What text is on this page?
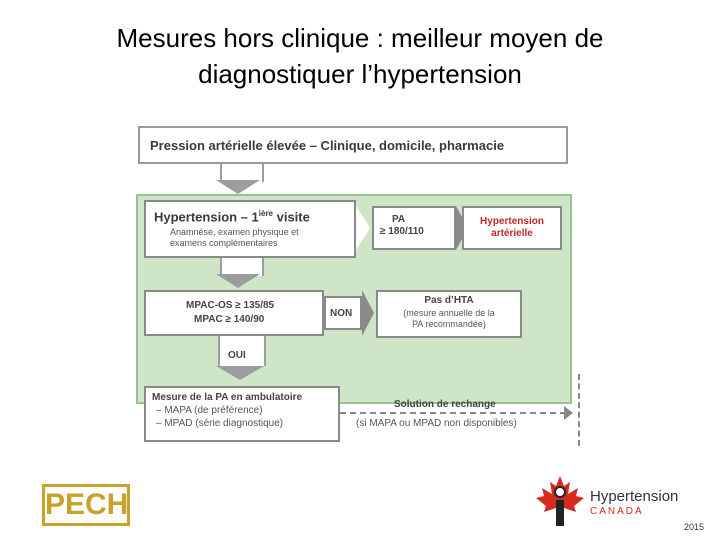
Mesures hors clinique : meilleur moyen de
diagnostiquer l’hypertension
Pression artérielle élevée – Clinique, domicile, pharmacie
Hypertension – $1^{ière}$ visite
Anamnèse, examen physique et examens complémentaires
PA
≥ 180/110
Hypertension artérielle
MPAC-OS ≥ 135/85
MPAC ≥ 140/90
NON
Pas d’HTA
(mesure annuelle de la PA recommandée)
OUI
Mesure de la PA en ambulatoire
– MAPA (de préférence)
– MPAD (série diagnostique)
Solution de rechange
(si MAPA ou MPAD non disponibles)
PECH	Hypertension
CANADA
2015
